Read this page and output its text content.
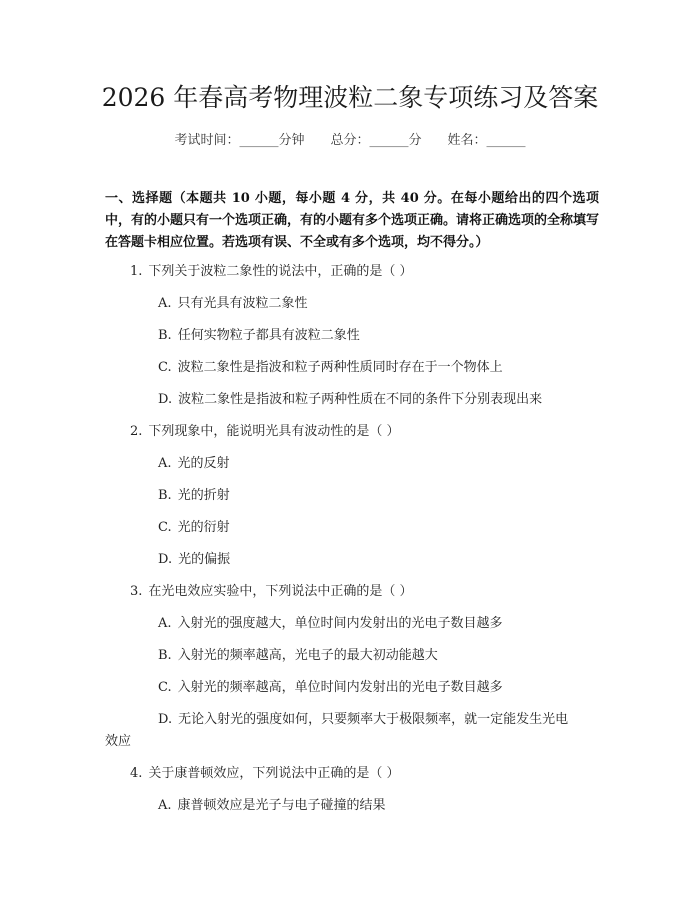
2026 年春高考物理波粒二象专项练习及答案
考试时间：______分钟 总分：______分 姓名：______
一、选择题（本题共 10 小题，每小题 4 分，共 40 分。在每小题给出的四个选项中，有的小题只有一个选项正确，有的小题有多个选项正确。请将正确选项的全称填写在答题卡相应位置。若选项有误、不全或有多个选项，均不得分。）
1. 下列关于波粒二象性的说法中，正确的是（ ）
A. 只有光具有波粒二象性
B. 任何实物粒子都具有波粒二象性
C. 波粒二象性是指波和粒子两种性质同时存在于一个物体上
D. 波粒二象性是指波和粒子两种性质在不同的条件下分别表现出来
2. 下列现象中，能说明光具有波动性的是（ ）
A. 光的反射
B. 光的折射
C. 光的衍射
D. 光的偏振
3. 在光电效应实验中，下列说法中正确的是（ ）
A. 入射光的强度越大，单位时间内发射出的光电子数目越多
B. 入射光的频率越高，光电子的最大初动能越大
C. 入射光的频率越高，单位时间内发射出的光电子数目越多
D. 无论入射光的强度如何，只要频率大于极限频率，就一定能发生光电
效应
4. 关于康普顿效应，下列说法中正确的是（ ）
A. 康普顿效应是光子与电子碰撞的结果
